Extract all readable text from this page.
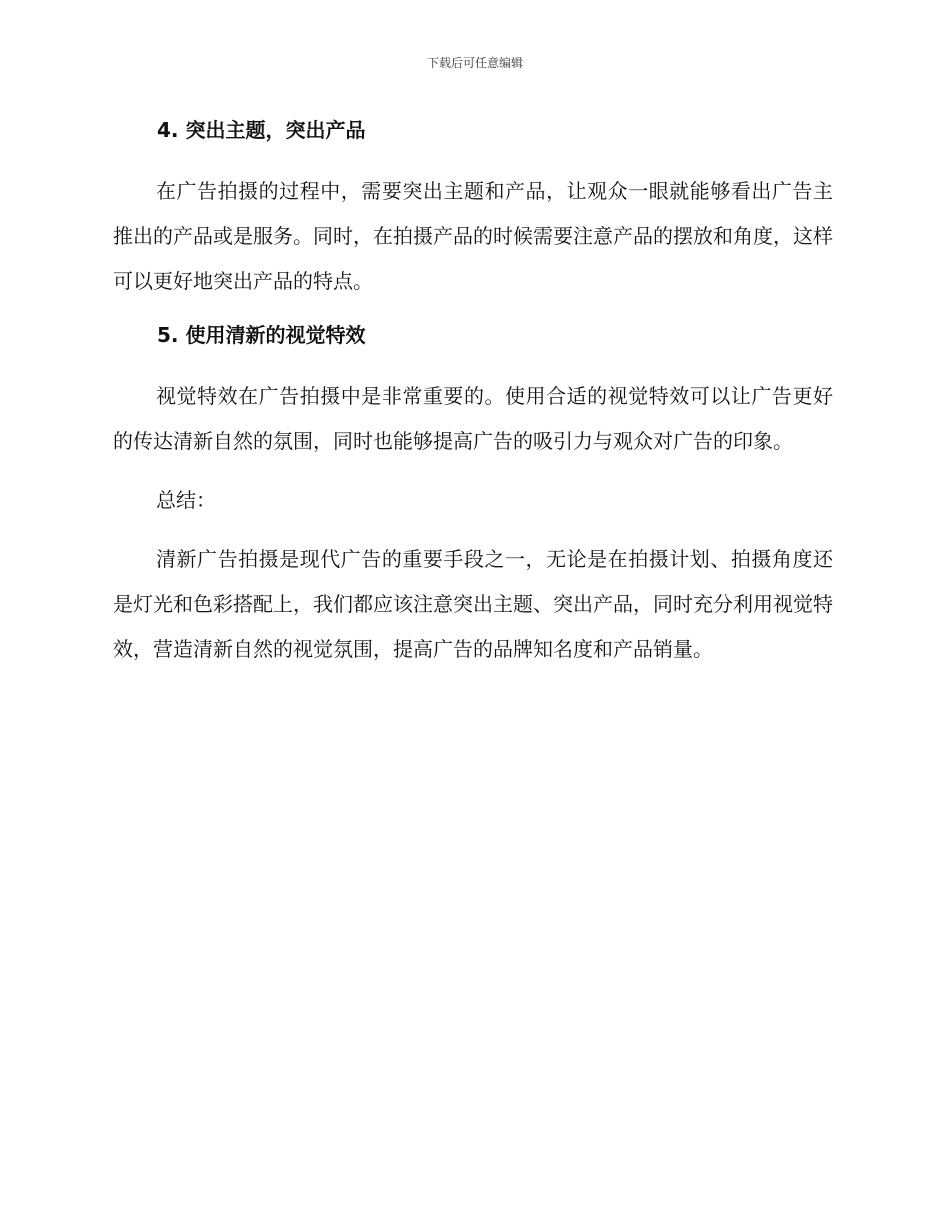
下载后可任意编辑
4. 突出主题，突出产品

在广告拍摄的过程中，需要突出主题和产品，让观众一眼就能够看出广告主推出的产品或是服务。同时，在拍摄产品的时候需要注意产品的摆放和角度，这样可以更好地突出产品的特点。

5. 使用清新的视觉特效

视觉特效在广告拍摄中是非常重要的。使用合适的视觉特效可以让广告更好的传达清新自然的氛围，同时也能够提高广告的吸引力与观众对广告的印象。

总结：

清新广告拍摄是现代广告的重要手段之一，无论是在拍摄计划、拍摄角度还是灯光和色彩搭配上，我们都应该注意突出主题、突出产品，同时充分利用视觉特效，营造清新自然的视觉氛围，提高广告的品牌知名度和产品销量。
